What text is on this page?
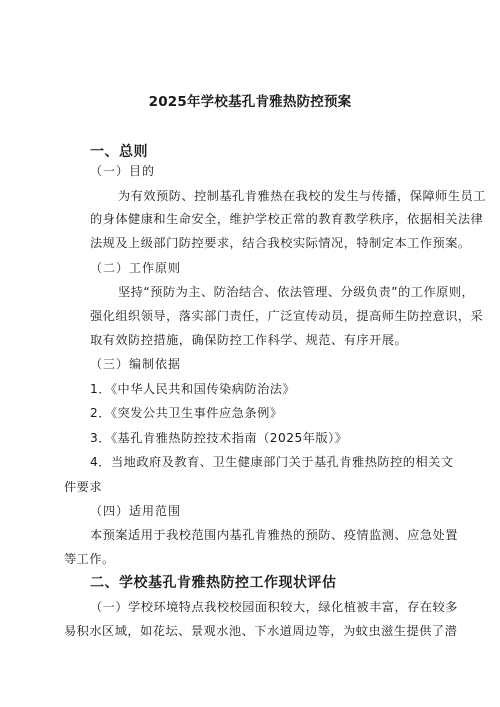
2025年学校基孔肯雅热防控预案
一、总则
（一）目的
为有效预防、控制基孔肯雅热在我校的发生与传播，保障师生员工
的身体健康和生命安全，维护学校正常的教育教学秩序，依据相关法律
法规及上级部门防控要求，结合我校实际情况，特制定本工作预案。
（二）工作原则
坚持“预防为主、防治结合、依法管理、分级负责”的工作原则，
强化组织领导，落实部门责任，广泛宣传动员，提高师生防控意识，采
取有效防控措施，确保防控工作科学、规范、有序开展。
（三）编制依据
1．《中华人民共和国传染病防治法》
2．《突发公共卫生事件应急条例》
3．《基孔肯雅热防控技术指南（2025年版）》
4．当地政府及教育、卫生健康部门关于基孔肯雅热防控的相关文
件要求
（四）适用范围
本预案适用于我校范围内基孔肯雅热的预防、疫情监测、应急处置
等工作。
二、学校基孔肯雅热防控工作现状评估
（一）学校环境特点我校校园面积较大，绿化植被丰富，存在较多
易积水区域，如花坛、景观水池、下水道周边等，为蚊虫滋生提供了潜
